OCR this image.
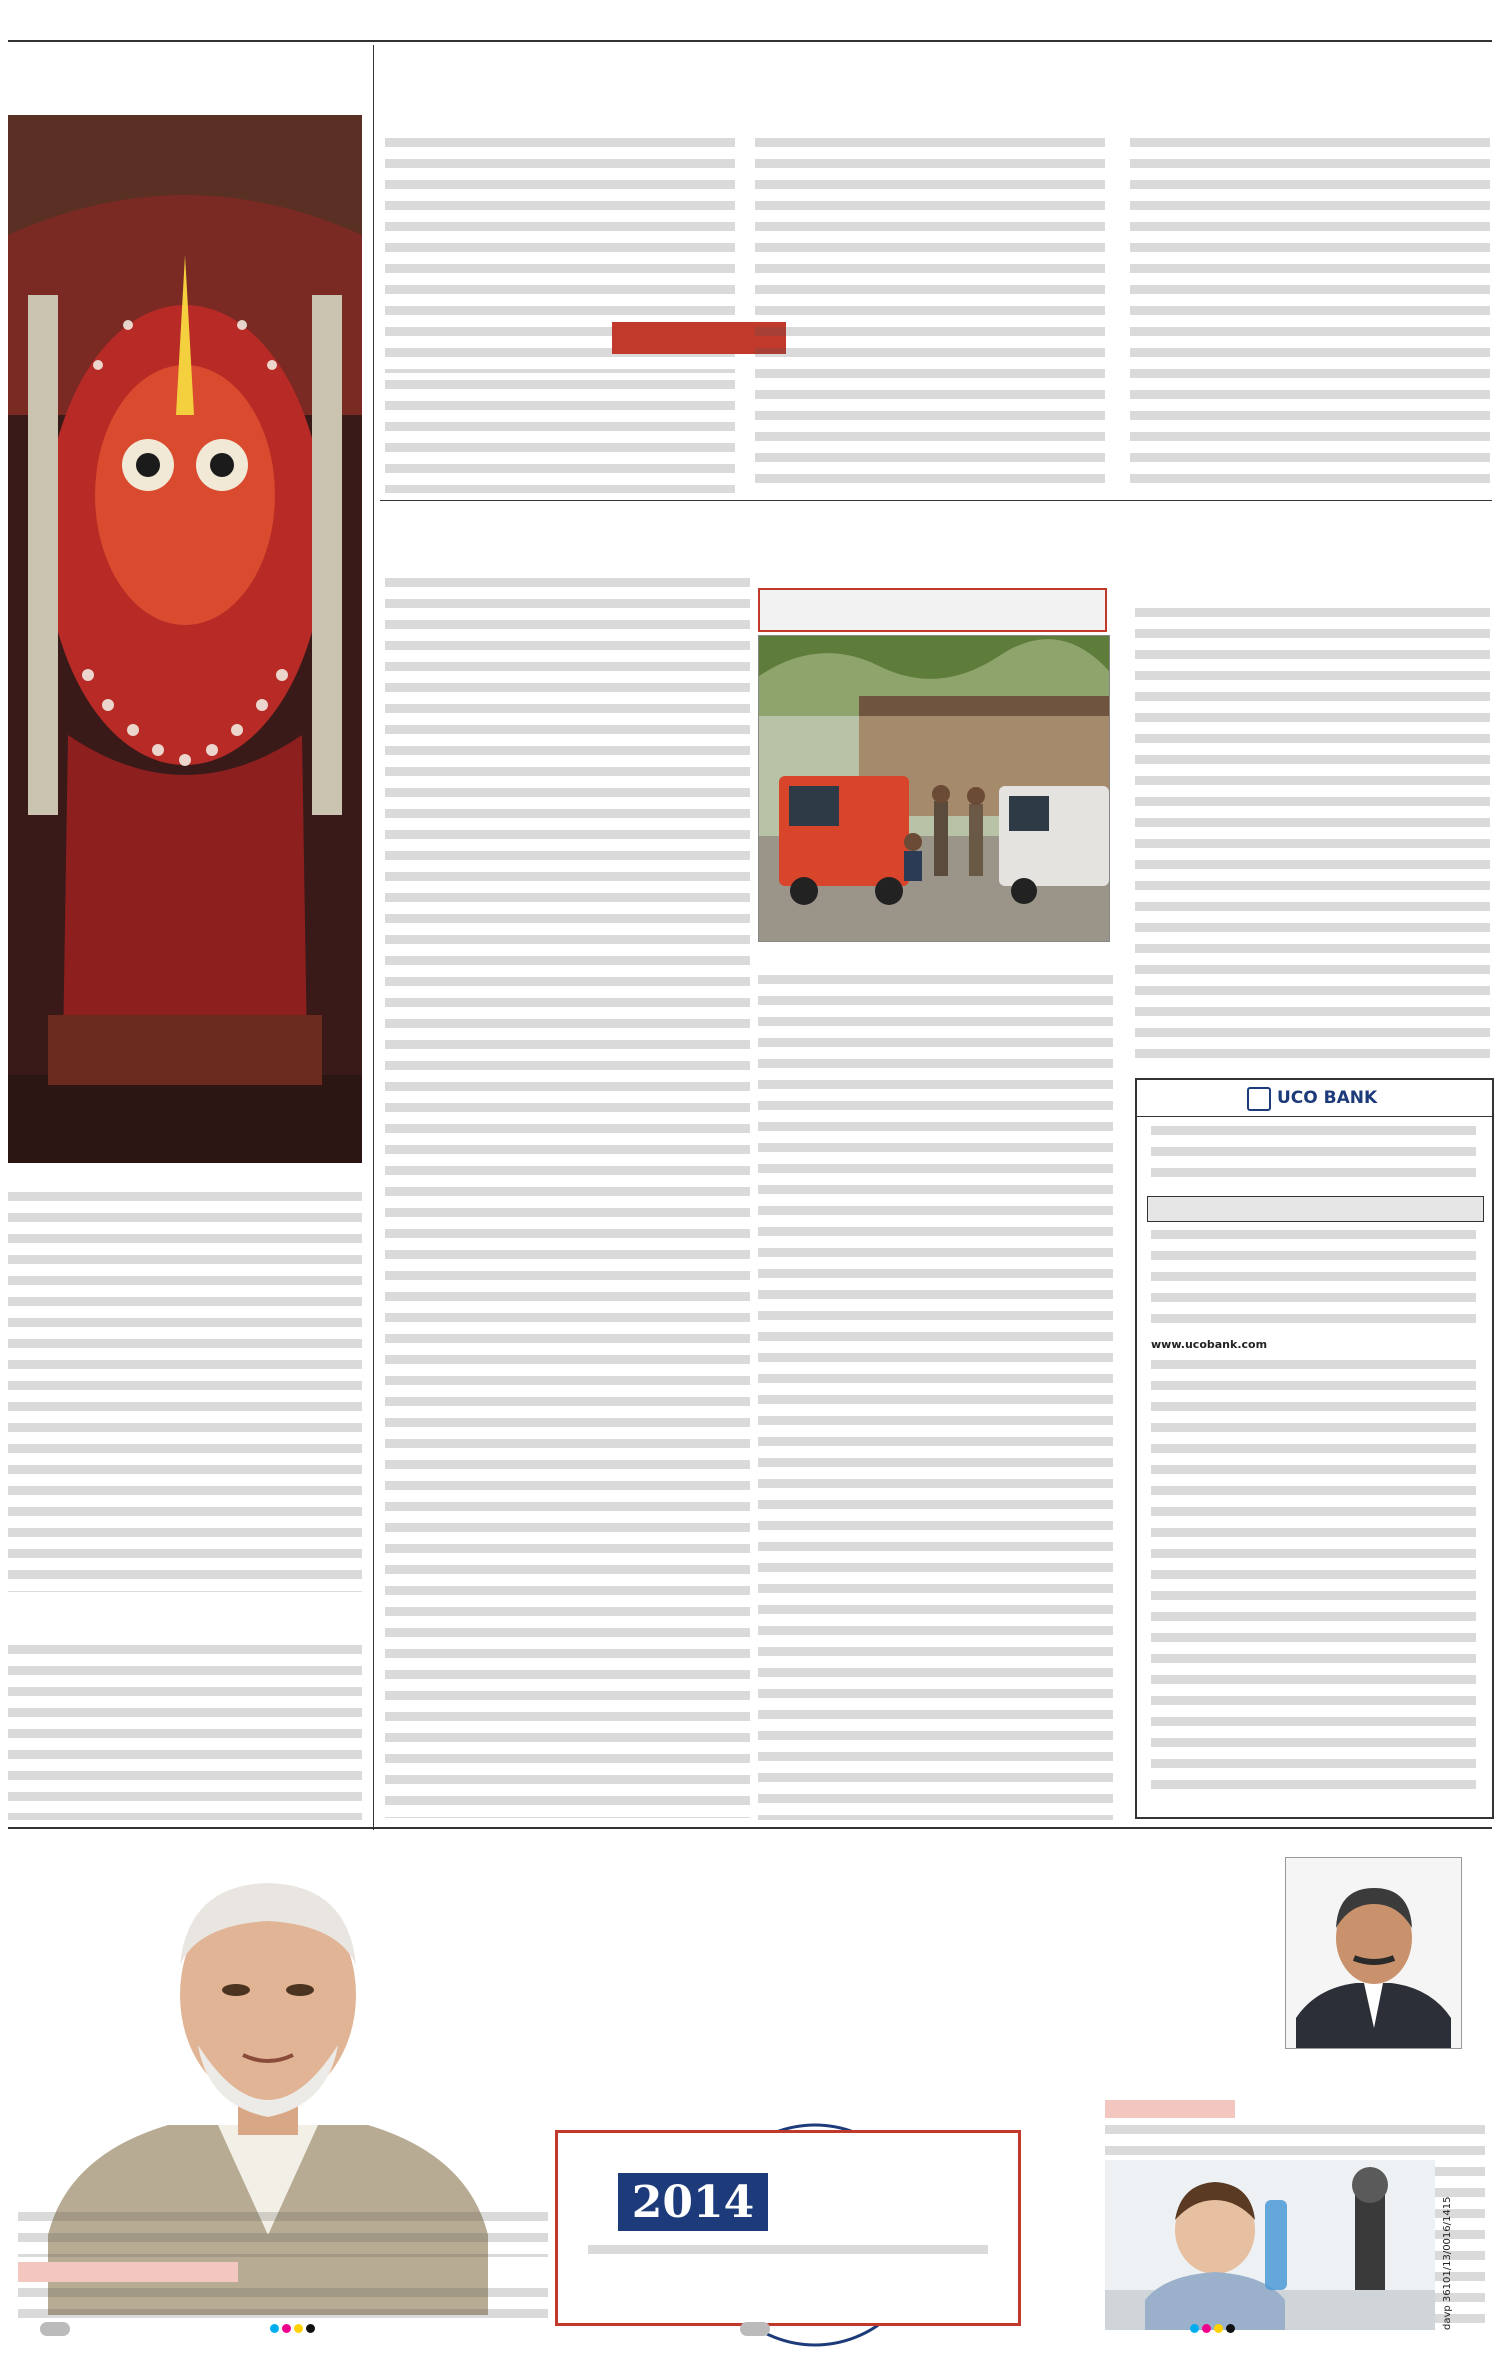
UCO BANK
www.ucobank.com
2014	davp 36101/13/0016/1415
